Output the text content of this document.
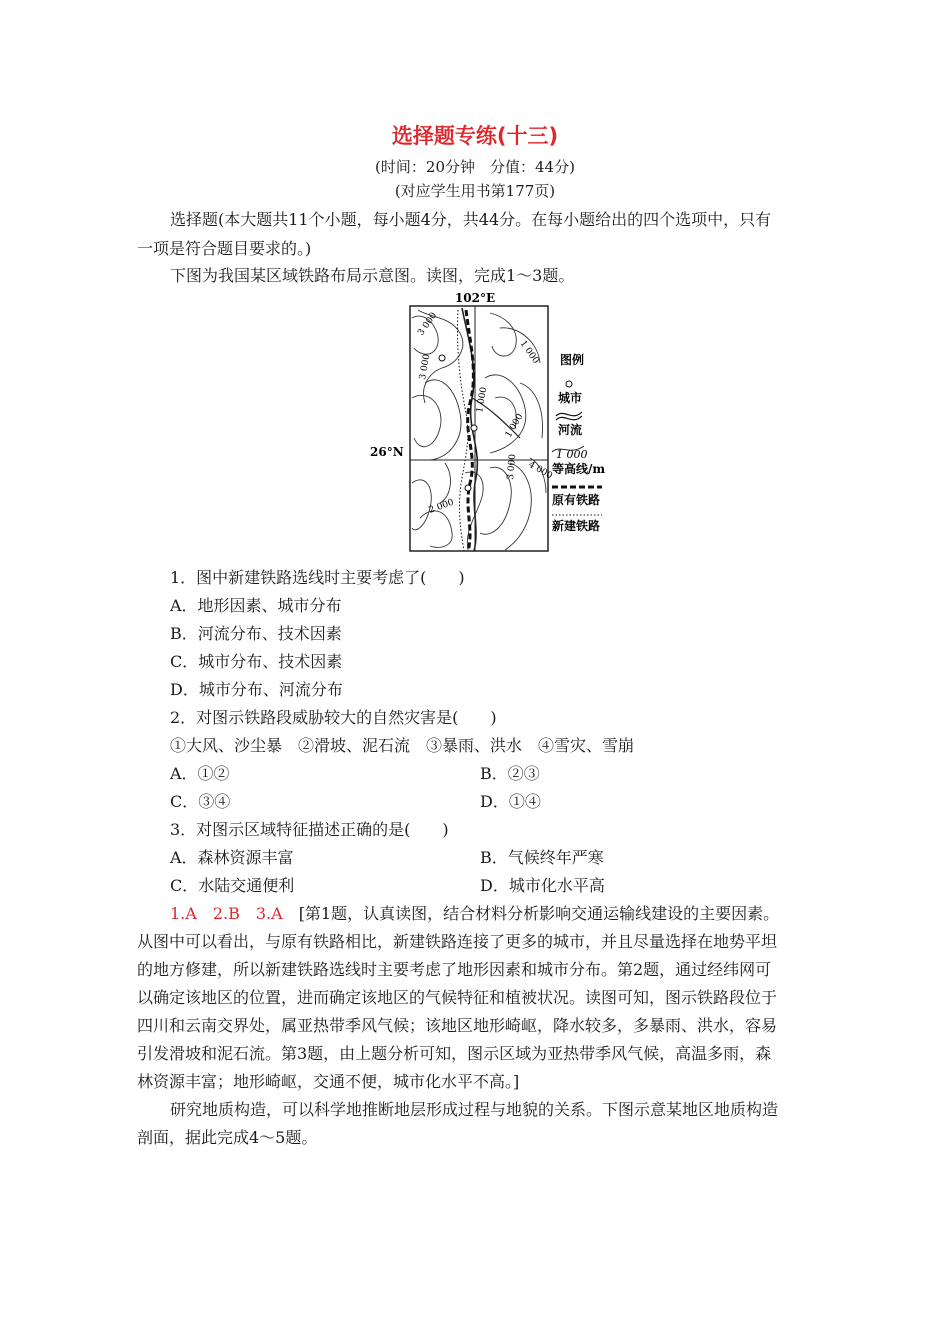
选择题专练(十三)
(时间：20分钟　分值：44分)
(对应学生用书第177页)
选择题(本大题共11个小题，每小题4分，共44分。在每小题给出的四个选项中，只有
一项是符合题目要求的。)
下图为我国某区域铁路布局示意图。读图，完成1～3题。
102°E
26°N
3 000
3 000
1 000
1 000
1 000
3 000 4 000
2 000
图例
城市
河流
1 000
等高线/m
原有铁路
新建铁路
1．图中新建铁路选线时主要考虑了(　　)
A．地形因素、城市分布
B．河流分布、技术因素
C．城市分布、技术因素
D．城市分布、河流分布
2．对图示铁路段威胁较大的自然灾害是(　　)
①大风、沙尘暴　②滑坡、泥石流　③暴雨、洪水　④雪灾、雪崩
A．①②	B．②③
C．③④	D．①④
3．对图示区域特征描述正确的是(　　)
A．森林资源丰富	B．气候终年严寒
C．水陆交通便利	D．城市化水平高
1.A　2.B　3.A　 [第1题，认真读图，结合材料分析影响交通运输线建设的主要因素。
从图中可以看出，与原有铁路相比，新建铁路连接了更多的城市，并且尽量选择在地势平坦
的地方修建，所以新建铁路选线时主要考虑了地形因素和城市分布。第2题，通过经纬网可
以确定该地区的位置，进而确定该地区的气候特征和植被状况。读图可知，图示铁路段位于
四川和云南交界处，属亚热带季风气候；该地区地形崎岖，降水较多，多暴雨、洪水，容易
引发滑坡和泥石流。第3题，由上题分析可知，图示区域为亚热带季风气候，高温多雨，森
林资源丰富；地形崎岖，交通不便，城市化水平不高。]
研究地质构造，可以科学地推断地层形成过程与地貌的关系。下图示意某地区地质构造
剖面，据此完成4～5题。
